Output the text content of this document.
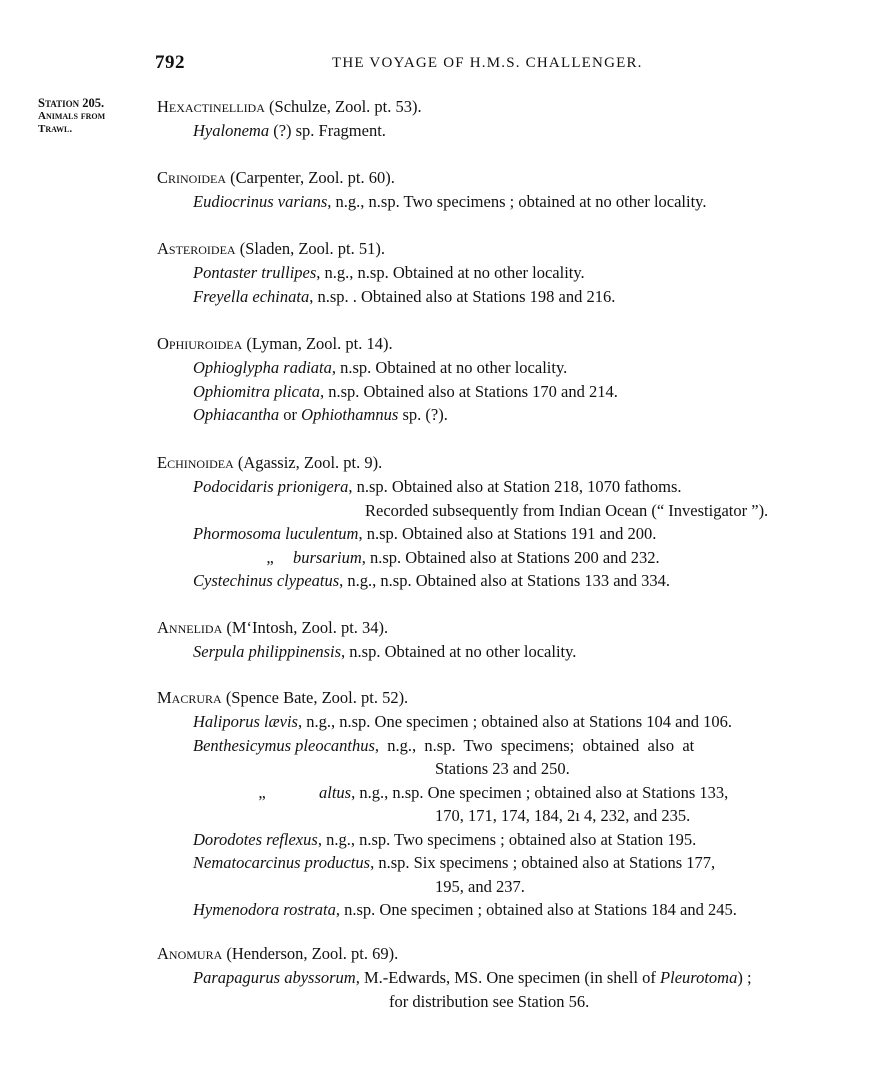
792	THE VOYAGE OF H.M.S. CHALLENGER.
Station 205.
Animals from
Trawl.
Hexactinellida (Schulze, Zool. pt. 53).
Hyalonema (?) sp. Fragment.
Crinoidea (Carpenter, Zool. pt. 60).
Eudiocrinus varians, n.g., n.sp. Two specimens ; obtained at no other locality.
Asteroidea (Sladen, Zool. pt. 51).
Pontaster trullipes, n.g., n.sp. Obtained at no other locality.
Freyella echinata, n.sp. . Obtained also at Stations 198 and 216.
Ophiuroidea (Lyman, Zool. pt. 14).
Ophioglypha radiata, n.sp. Obtained at no other locality.
Ophiomitra plicata, n.sp. Obtained also at Stations 170 and 214.
Ophiacantha or Ophiothamnus sp. (?).
Echinoidea (Agassiz, Zool. pt. 9).
Podocidaris prionigera, n.sp. Obtained also at Station 218, 1070 fathoms.
Recorded subsequently from Indian Ocean (“ Investigator ”).
Phormosoma luculentum, n.sp. Obtained also at Stations 191 and 200.
„ bursarium, n.sp. Obtained also at Stations 200 and 232.
Cystechinus clypeatus, n.g., n.sp. Obtained also at Stations 133 and 334.
Annelida (M‘Intosh, Zool. pt. 34).
Serpula philippinensis, n.sp. Obtained at no other locality.
Macrura (Spence Bate, Zool. pt. 52).
Haliporus lævis, n.g., n.sp. One specimen ; obtained also at Stations 104 and 106.
Benthesicymus pleocanthus,  n.g.,  n.sp.  Two  specimens;  obtained  also  at
Stations 23 and 250.
„	altus, n.g., n.sp. One specimen ; obtained also at Stations 133,
170, 171, 174, 184, 2ı 4, 232, and 235.
Dorodotes reflexus, n.g., n.sp. Two specimens ; obtained also at Station 195.
Nematocarcinus productus, n.sp. Six specimens ; obtained also at Stations 177,
195, and 237.
Hymenodora rostrata, n.sp. One specimen ; obtained also at Stations 184 and 245.
Anomura (Henderson, Zool. pt. 69).
Parapagurus abyssorum, M.-Edwards, MS. One specimen (in shell of Pleurotoma) ;
for distribution see Station 56.
